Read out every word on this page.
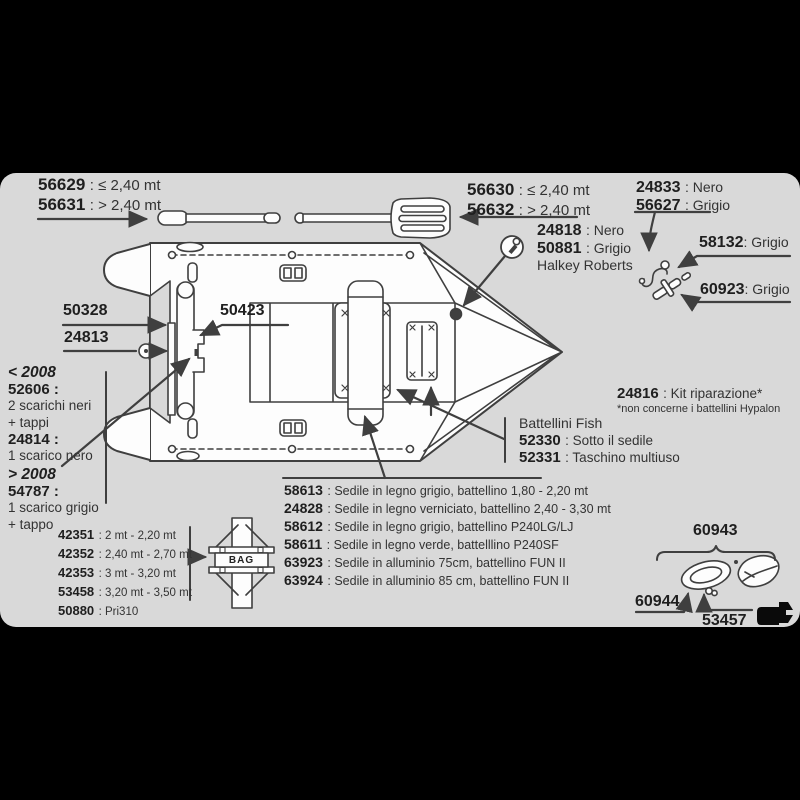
56629 : ≤ 2,40 mt
56631 : > 2,40 mt
56630 : ≤ 2,40 mt
56632 : > 2,40 mt
24833 : Nero
56627 : Grigio
24818 : Nero
50881 : Grigio
Halkey Roberts
58132: Grigio
60923: Grigio
50328
24813
50423
< 2008
52606 :
2 scarichi neri
+ tappi
24814 :
1 scarico nero
> 2008
54787 :
1 scarico grigio
+ tappo
42351 : 2 mt - 2,20 mt
42352 : 2,40 mt - 2,70 mt
42353 : 3 mt - 3,20 mt
53458 : 3,20 mt - 3,50 mt
50880 : Pri310
BAG
58613 : Sedile in legno grigio, battellino 1,80 - 2,20 mt
24828 : Sedile in legno verniciato, battellino 2,40 - 3,30 mt
58612 : Sedile in legno grigio, battellino P240LG/LJ
58611 : Sedile in legno verde, battelllino P240SF
63923 : Sedile in alluminio 75cm, battellino FUN II
63924 : Sedile in alluminio 85 cm, battellino FUN II
24816 : Kit riparazione*
*non concerne i battellini Hypalon
Battellini Fish
52330 : Sotto il sedile
52331 : Taschino multiuso
60943
60944
53457
